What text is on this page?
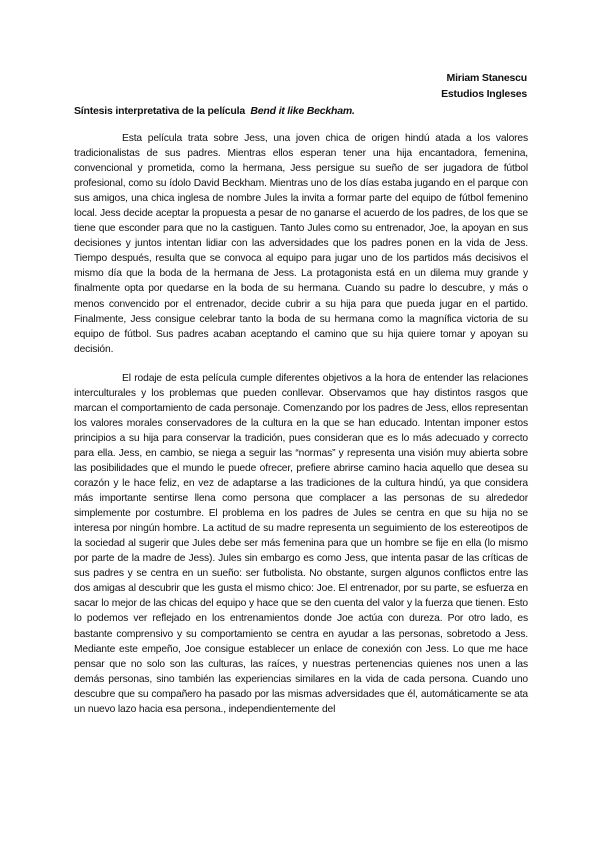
Miriam Stanescu
Estudios Ingleses
Síntesis interpretativa de la película Bend it like Beckham.

Esta película trata sobre Jess, una joven chica de origen hindú atada a los valores tradicionalistas de sus padres. Mientras ellos esperan tener una hija encantadora, femenina, convencional y prometida, como la hermana, Jess persigue su sueño de ser jugadora de fútbol profesional, como su ídolo David Beckham. Mientras uno de los días estaba jugando en el parque con sus amigos, una chica inglesa de nombre Jules la invita a formar parte del equipo de fútbol femenino local. Jess decide aceptar la propuesta a pesar de no ganarse el acuerdo de los padres, de los que se tiene que esconder para que no la castiguen. Tanto Jules como su entrenador, Joe, la apoyan en sus decisiones y juntos intentan lidiar con las adversidades que los padres ponen en la vida de Jess. Tiempo después, resulta que se convoca al equipo para jugar uno de los partidos más decisivos el mismo día que la boda de la hermana de Jess. La protagonista está en un dilema muy grande y finalmente opta por quedarse en la boda de su hermana. Cuando su padre lo descubre, y más o menos convencido por el entrenador, decide cubrir a su hija para que pueda jugar en el partido. Finalmente, Jess consigue celebrar tanto la boda de su hermana como la magnífica victoria de su equipo de fútbol. Sus padres acaban aceptando el camino que su hija quiere tomar y apoyan su decisión.

El rodaje de esta película cumple diferentes objetivos a la hora de entender las relaciones interculturales y los problemas que pueden conllevar. Observamos que hay distintos rasgos que marcan el comportamiento de cada personaje. Comenzando por los padres de Jess, ellos representan los valores morales conservadores de la cultura en la que se han educado. Intentan imponer estos principios a su hija para conservar la tradición, pues consideran que es lo más adecuado y correcto para ella. Jess, en cambio, se niega a seguir las “normas” y representa una visión muy abierta sobre las posibilidades que el mundo le puede ofrecer, prefiere abrirse camino hacia aquello que desea su corazón y le hace feliz, en vez de adaptarse a las tradiciones de la cultura hindú, ya que considera más importante sentirse llena como persona que complacer a las personas de su alrededor simplemente por costumbre. El problema en los padres de Jules se centra en que su hija no se interesa por ningún hombre. La actitud de su madre representa un seguimiento de los estereotipos de la sociedad al sugerir que Jules debe ser más femenina para que un hombre se fije en ella (lo mismo por parte de la madre de Jess). Jules sin embargo es como Jess, que intenta pasar de las críticas de sus padres y se centra en un sueño: ser futbolista. No obstante, surgen algunos conflictos entre las dos amigas al descubrir que les gusta el mismo chico: Joe. El entrenador, por su parte, se esfuerza en sacar lo mejor de las chicas del equipo y hace que se den cuenta del valor y la fuerza que tienen. Esto lo podemos ver reflejado en los entrenamientos donde Joe actúa con dureza. Por otro lado, es bastante comprensivo y su comportamiento se centra en ayudar a las personas, sobretodo a Jess. Mediante este empeño, Joe consigue establecer un enlace de conexión con Jess. Lo que me hace pensar que no solo son las culturas, las raíces, y nuestras pertenencias quienes nos unen a las demás personas, sino también las experiencias similares en la vida de cada persona. Cuando uno descubre que su compañero ha pasado por las mismas adversidades que él, automáticamente se ata un nuevo lazo hacia esa persona., independientemente del
